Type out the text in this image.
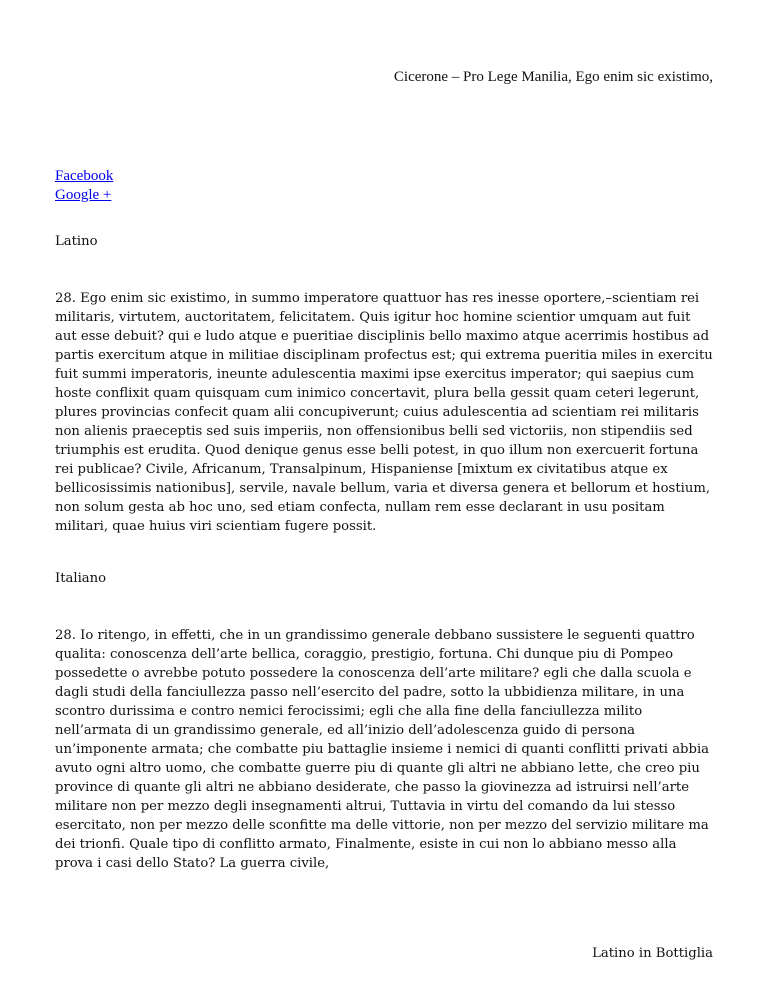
Cicerone – Pro Lege Manilia, Ego enim sic existimo,
Facebook
Google +

Latino

28. Ego enim sic existimo, in summo imperatore quattuor has res inesse oportere,–scientiam rei militaris, virtutem, auctoritatem, felicitatem. Quis igitur hoc homine scientior umquam aut fuit aut esse debuit? qui e ludo atque e pueritiae disciplinis bello maximo atque acerrimis hostibus ad partis exercitum atque in militiae disciplinam profectus est; qui extrema pueritia miles in exercitu fuit summi imperatoris, ineunte adulescentia maximi ipse exercitus imperator; qui saepius cum hoste conflixit quam quisquam cum inimico concertavit, plura bella gessit quam ceteri legerunt, plures provincias confecit quam alii concupiverunt; cuius adulescentia ad scientiam rei militaris non alienis praeceptis sed suis imperiis, non offensionibus belli sed victoriis, non stipendiis sed triumphis est erudita. Quod denique genus esse belli potest, in quo illum non exercuerit fortuna rei publicae? Civile, Africanum, Transalpinum, Hispaniense [mixtum ex civitatibus atque ex bellicosissimis nationibus], servile, navale bellum, varia et diversa genera et bellorum et hostium, non solum gesta ab hoc uno, sed etiam confecta, nullam rem esse declarant in usu positam militari, quae huius viri scientiam fugere possit.

Italiano

28. Io ritengo, in effetti, che in un grandissimo generale debbano sussistere le seguenti quattro qualita: conoscenza dell’arte bellica, coraggio, prestigio, fortuna. Chi dunque piu di Pompeo possedette o avrebbe potuto possedere la conoscenza dell’arte militare? egli che dalla scuola e dagli studi della fanciullezza passo nell’esercito del padre, sotto la ubbidienza militare, in una scontro durissima e contro nemici ferocissimi; egli che alla fine della fanciullezza milito nell’armata di un grandissimo generale, ed all’inizio dell’adolescenza guido di persona un’imponente armata; che combatte piu battaglie insieme i nemici di quanti conflitti privati abbia avuto ogni altro uomo, che combatte guerre piu di quante gli altri ne abbiano lette, che creo piu province di quante gli altri ne abbiano desiderate, che passo la giovinezza ad istruirsi nell’arte militare non per mezzo degli insegnamenti altrui, Tuttavia in virtu del comando da lui stesso esercitato, non per mezzo delle sconfitte ma delle vittorie, non per mezzo del servizio militare ma dei trionfi. Quale tipo di conflitto armato, Finalmente, esiste in cui non lo abbiano messo alla prova i casi dello Stato? La guerra civile,

Latino in Bottiglia
